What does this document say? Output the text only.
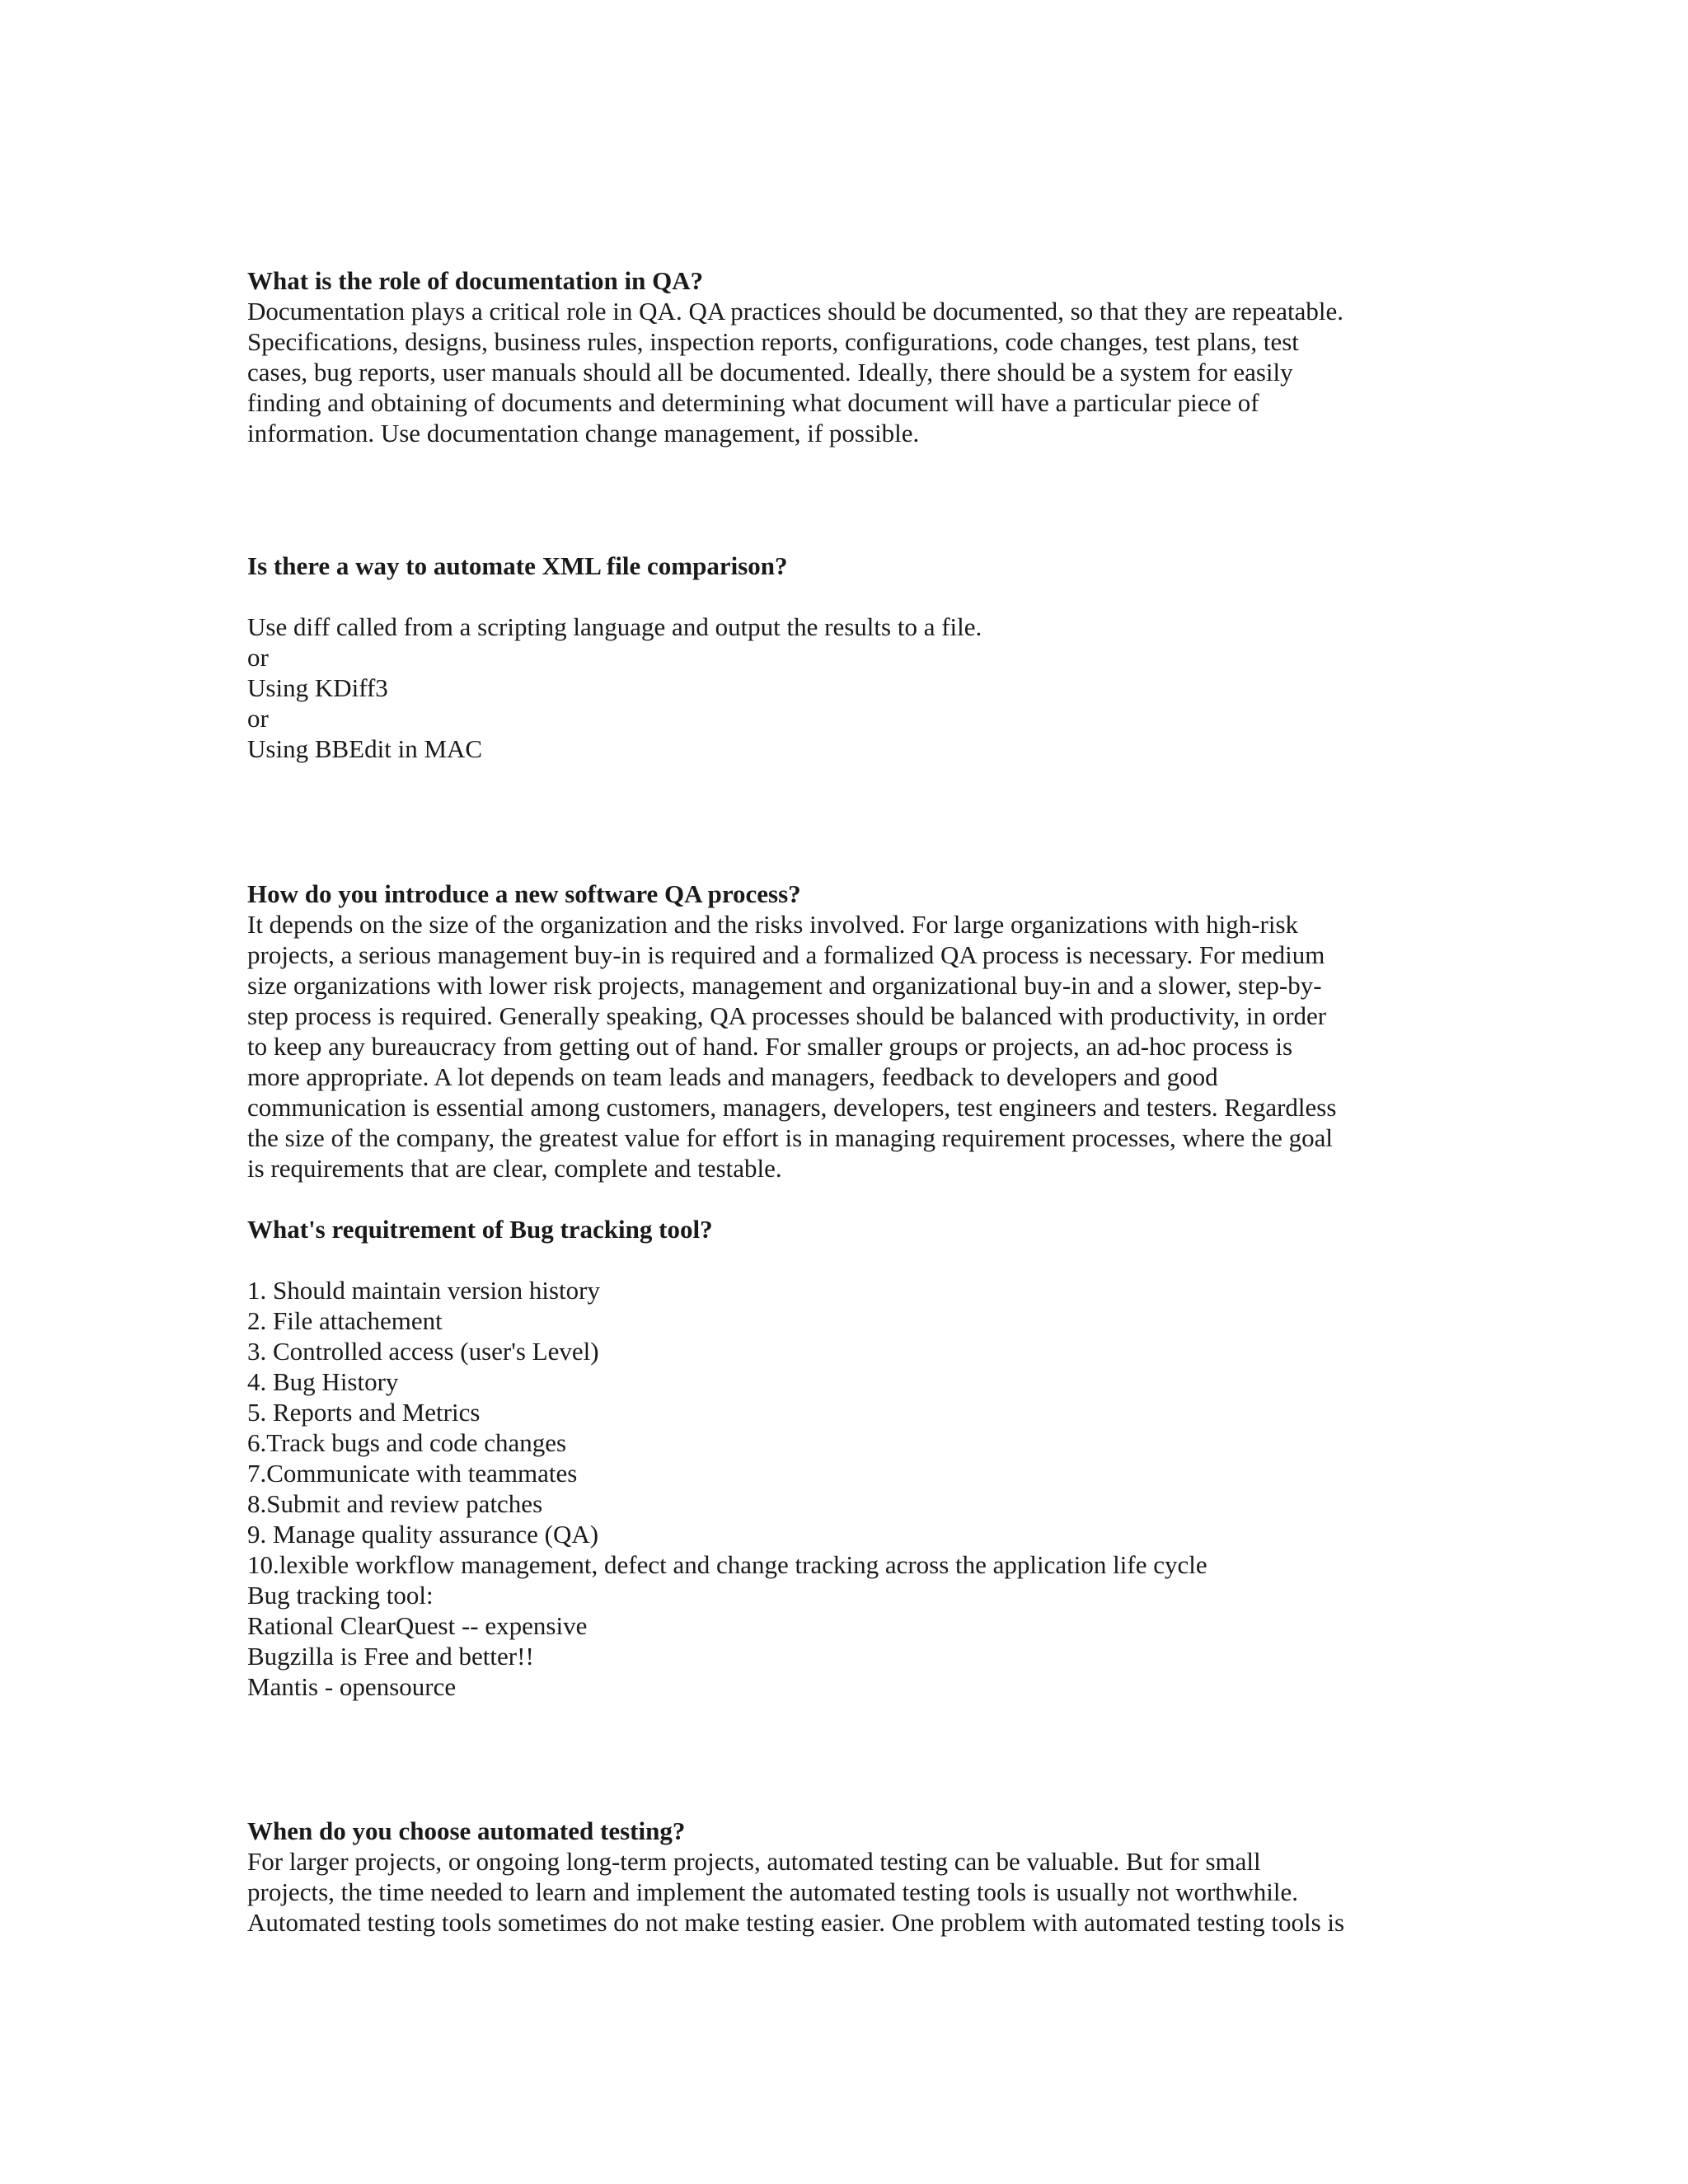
What is the role of documentation in QA?
Documentation plays a critical role in QA. QA practices should be documented, so that they are repeatable.
Specifications, designs, business rules, inspection reports, configurations, code changes, test plans, test
cases, bug reports, user manuals should all be documented. Ideally, there should be a system for easily
finding and obtaining of documents and determining what document will have a particular piece of
information. Use documentation change management, if possible.
Is there a way to automate XML file comparison?
Use diff called from a scripting language and output the results to a file.
or
Using KDiff3
or
Using BBEdit in MAC
How do you introduce a new software QA process?
It depends on the size of the organization and the risks involved. For large organizations with high-risk
projects, a serious management buy-in is required and a formalized QA process is necessary. For medium
size organizations with lower risk projects, management and organizational buy-in and a slower, step-by-
step process is required. Generally speaking, QA processes should be balanced with productivity, in order
to keep any bureaucracy from getting out of hand. For smaller groups or projects, an ad-hoc process is
more appropriate. A lot depends on team leads and managers, feedback to developers and good
communication is essential among customers, managers, developers, test engineers and testers. Regardless
the size of the company, the greatest value for effort is in managing requirement processes, where the goal
is requirements that are clear, complete and testable.
What's requitrement of Bug tracking tool?
1. Should maintain version history
2. File attachement
3. Controlled access (user's Level)
4. Bug History
5. Reports and Metrics
6.Track bugs and code changes
7.Communicate with teammates
8.Submit and review patches
9. Manage quality assurance (QA)
10.lexible workflow management, defect and change tracking across the application life cycle
Bug tracking tool:
Rational ClearQuest -- expensive
Bugzilla is Free and better!!
Mantis - opensource
When do you choose automated testing?
For larger projects, or ongoing long-term projects, automated testing can be valuable. But for small
projects, the time needed to learn and implement the automated testing tools is usually not worthwhile.
Automated testing tools sometimes do not make testing easier. One problem with automated testing tools is
